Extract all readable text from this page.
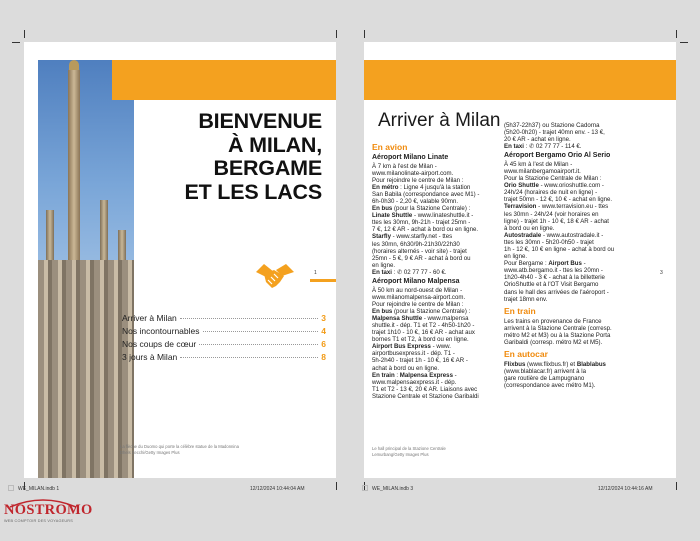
BIENVENUE
À MILAN,
BERGAME
ET LES LACS
Arriver à Milan	3
Nos incontournables	4
Nos coups de cœur	6
3 jours à Milan	8
1
La flèche du Duomo qui porte la célèbre statue de la Madonnina
Dhels Zecchi/Getty Images Plus
Arriver à Milan
En avion
Aéroport Milano Linate

À 7 km à l'est de Milan -

www.milanolinate-airport.com.

Pour rejoindre le centre de Milan :

En métro : Ligne 4 jusqu'à la station

San Babila (correspondance avec M1) -

6h-0h30 - 2,20 €, valable 90mn.

En bus (pour la Stazione Centrale) :

Linate Shuttle - www.linateshuttle.it -

ttes les 30mn, 9h-21h - trajet 25mn -

7 €, 12 € AR - achat à bord ou en ligne.

Starfly - www.starfly.net - ttes

les 30mn, 6h30/9h-21h30/22h30

(horaires alternés - voir site) - trajet

25mn - 5 €, 9 € AR - achat à bord ou

en ligne.

En taxi : ✆ 02 77 77 - 60 €.

Aéroport Milano Malpensa

À 50 km au nord-ouest de Milan -

www.milanomalpensa-airport.com.

Pour rejoindre le centre de Milan :

En bus (pour la Stazione Centrale) :

Malpensa Shuttle - www.malpensa

shuttle.it - dép. T1 et T2 - 4h50-1h20 -

trajet 1h10 - 10 €, 16 € AR - achat aux

bornes T1 et T2, à bord ou en ligne.

Airport Bus Express - www.

airportbusexpress.it - dép. T1 -

5h-2h40 - trajet 1h - 10 €, 16 € AR -

achat à bord ou en ligne.

En train : Malpensa Express -

www.malpensaexpress.it - dép.

T1 et T2 - 13 €, 20 € AR. Liaisons avec

Stazione Centrale et Stazione Garibaldi

(5h37-22h37) ou Stazione Cadorna

(5h20-0h20) - trajet 40mn env. - 13 €,

20 € AR - achat en ligne.

En taxi : ✆ 02 77 77 - 114 €.

Aéroport Bergamo Orio Al Serio

À 45 km à l'est de Milan -

www.milanbergamoairport.it.

Pour la Stazione Centrale de Milan :

Orio Shuttle - www.orioshuttle.com -

24h/24 (horaires de nuit en ligne) -

trajet 50mn - 12 €, 10 € - achat en ligne.

Terravision - www.terravision.eu - ttes

les 30mn - 24h/24 (voir horaires en

ligne) - trajet 1h - 10 €, 18 € AR - achat

à bord ou en ligne.

Autostradale - www.autostradale.it -

ttes les 30mn - 5h20-0h50 - trajet

1h - 12 €, 10 € en ligne - achat à bord ou

en ligne.

Pour Bergame : Airport Bus -

www.atb.bergamo.it - ttes les 20mn -

1h20-4h40 - 3 € - achat à la billetterie

OrioShuttle et à l'OT Visit Bergamo

dans le hall des arrivées de l'aéroport -

trajet 18mn env.

En train

Les trains en provenance de France

arrivent à la Stazione Centrale (corresp.

métro M2 et M3) ou à la Stazione Porta

Garibaldi (corresp. métro M2 et M5).

En autocar

Flixbus (www.flixbus.fr) et Blablabus

(www.blablacar.fr) arrivent à la

gare routière de Lampugnano

(correspondance avec métro M1).

3
Le hall principal de la Stazione Centrale
Lemurbang/Getty Images Plus
WE_MILAN.indb 1	12/12/2024 10:44:04 AM	WE_MILAN.indb 3	12/12/2024 10:44:16 AM
NOSTROMO
WEB COMPTOIR DES VOYAGEURS
